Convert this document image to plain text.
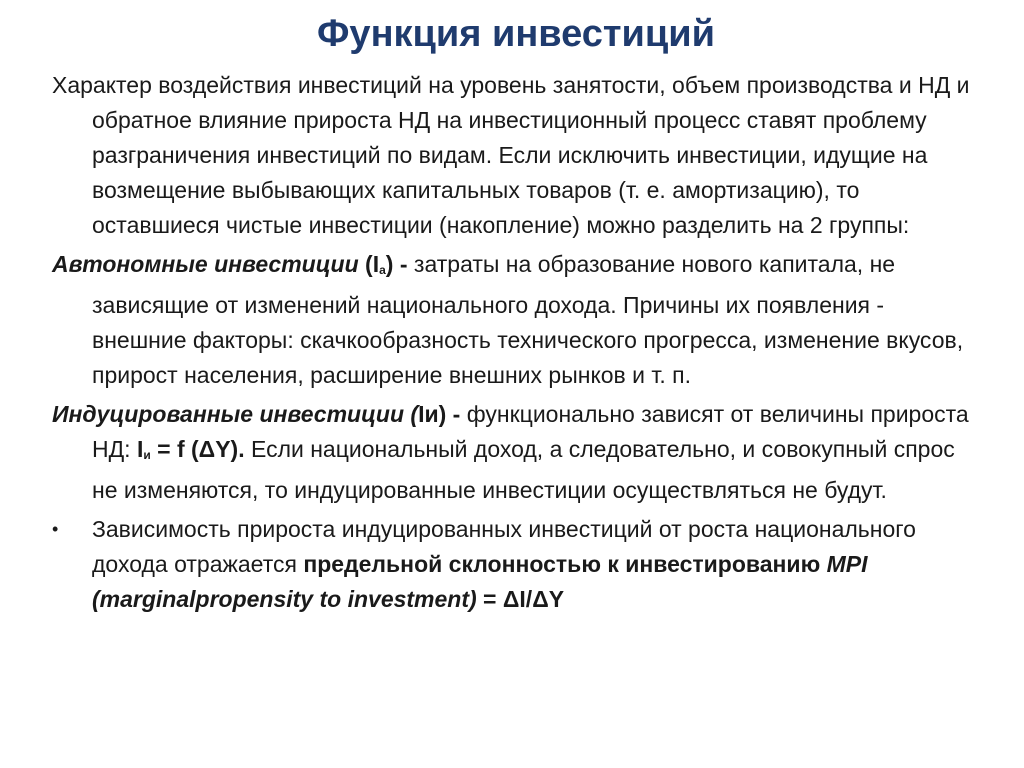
Функция инвестиций

Характер воздействия инвестиций на уровень занятости, объем производства и НД и обратное влияние прироста НД на инвестиционный процесс ставят проблему разграничения инвестиций по видам. Если исключить инвестиции, идущие на возмещение выбывающих капитальных товаров (т. е. амортизацию), то оставшиеся чистые инвестиции (накопление) можно разделить на 2 группы:

Автономные инвестиции (Ia) - затраты на образование нового капитала, не зависящие от изменений национального дохода. Причины их появления - внешние факторы: скачкообразность технического прогресса, изменение вкусов, прирост населения, расширение внешних рынков и т. п.

Индуцированные инвестиции (Iи) - функционально зависят от величины прироста НД: Iи = f (ΔY). Если национальный доход, а следовательно, и совокупный спрос не изменяются, то индуцированные инвестиции осуществляться не будут.

•	Зависимость прироста индуцированных инвестиций от роста национального дохода отражается предельной склонностью к инвестированию MPI (marginalpropensity to investment) = ΔI/ΔY
